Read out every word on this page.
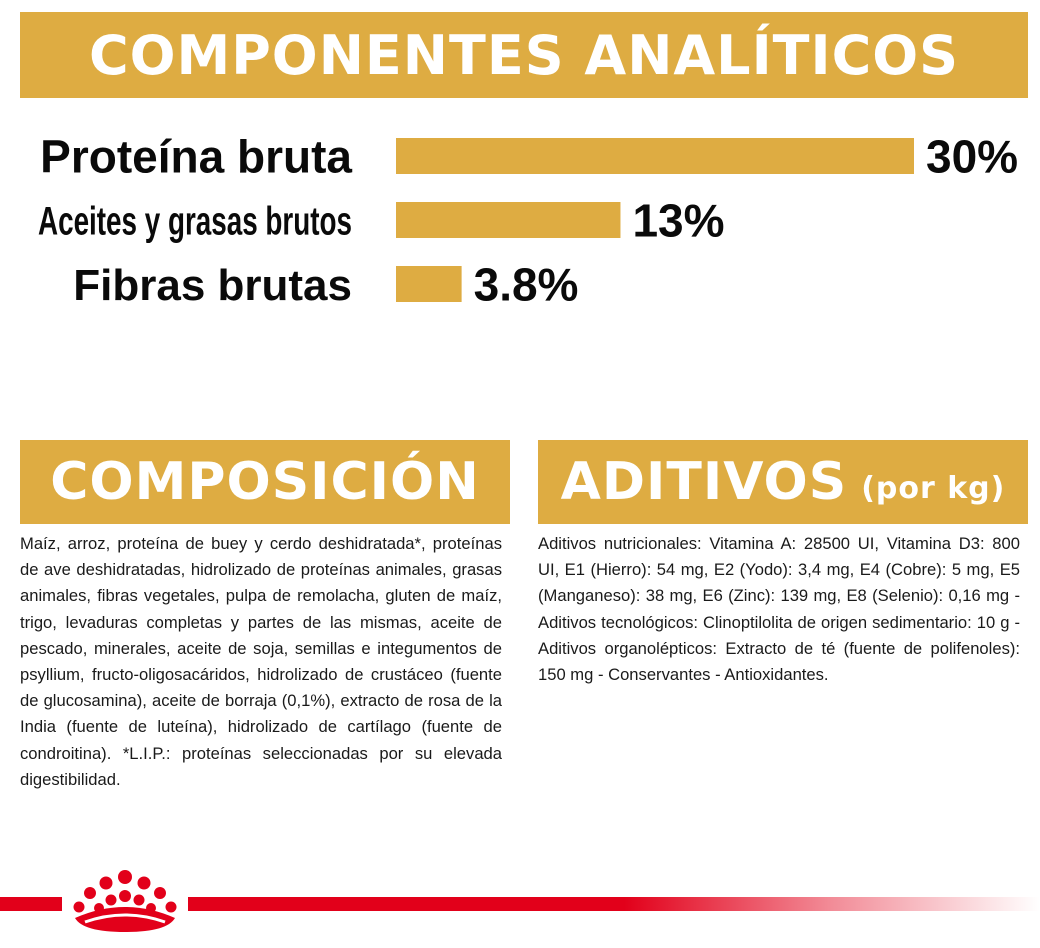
COMPONENTES ANALÍTICOS
Proteína bruta	30%
Aceites y grasas brutos	13%
Fibras brutas	3.8%
COMPOSICIÓN ADITIVOS (por kg)

Maíz, arroz, proteína de buey y cerdo deshidratada*, proteínas de ave deshidratadas, hidrolizado de proteínas animales, grasas animales, fibras vegetales, pulpa de remolacha, gluten de maíz, trigo, levaduras completas y partes de las mismas, aceite de pescado, minerales, aceite de soja, semillas e integumentos de psyllium, fructo-oligosacáridos, hidrolizado de crustáceo (fuente de glucosamina), aceite de borraja (0,1%), extracto de rosa de la India (fuente de luteína), hidrolizado de cartílago (fuente de condroitina). *L.I.P.: proteínas seleccionadas por su elevada digestibilidad.

Aditivos nutricionales: Vitamina A: 28500 UI, Vitamina D3: 800 UI, E1 (Hierro): 54 mg, E2 (Yodo): 3,4 mg, E4 (Cobre): 5 mg, E5 (Manganeso): 38 mg, E6 (Zinc): 139 mg, E8 (Selenio): 0,16 mg - Aditivos tecnológicos: Clinoptilolita de origen sedimentario: 10 g - Aditivos organolépticos: Extracto de té (fuente de polifenoles): 150 mg - Conservantes - Antioxidantes.
